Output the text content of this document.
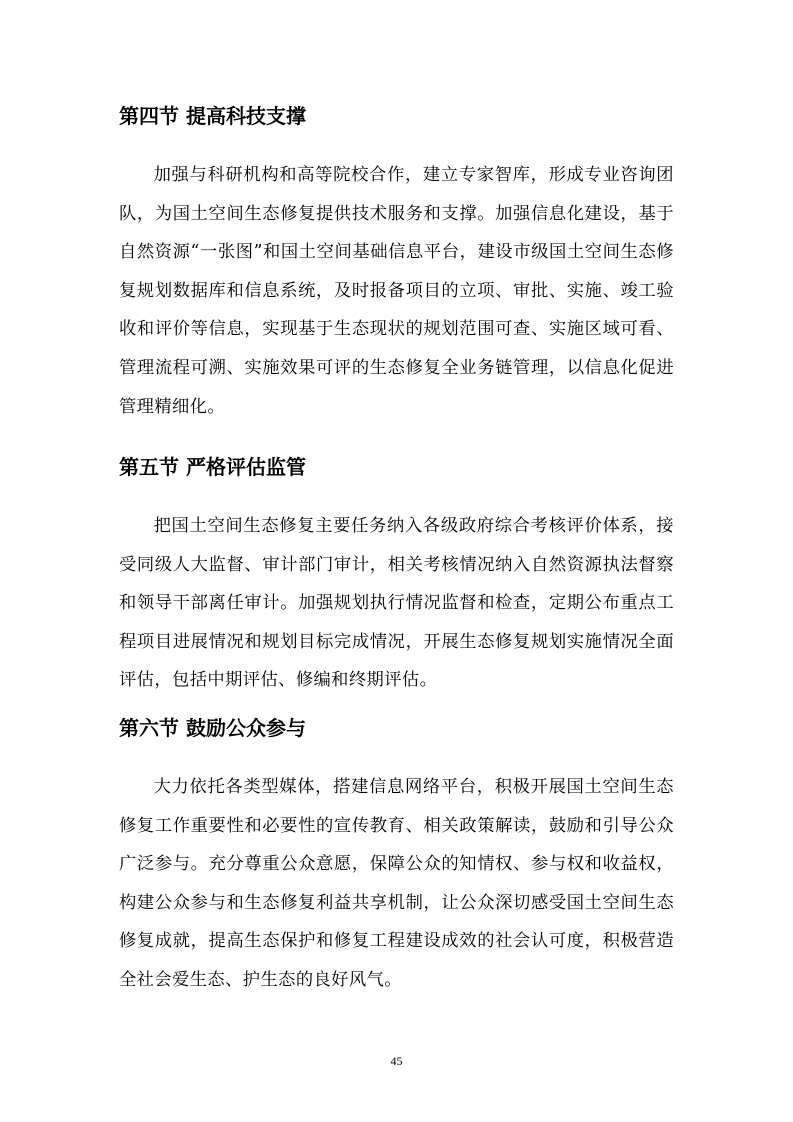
第四节 提高科技支撑

加强与科研机构和高等院校合作，建立专家智库，形成专业咨询团队，为国土空间生态修复提供技术服务和支撑。加强信息化建设，基于自然资源“一张图”和国土空间基础信息平台，建设市级国土空间生态修复规划数据库和信息系统，及时报备项目的立项、审批、实施、竣工验收和评价等信息，实现基于生态现状的规划范围可查、实施区域可看、管理流程可溯、实施效果可评的生态修复全业务链管理，以信息化促进管理精细化。

第五节 严格评估监管

把国土空间生态修复主要任务纳入各级政府综合考核评价体系，接受同级人大监督、审计部门审计，相关考核情况纳入自然资源执法督察和领导干部离任审计。加强规划执行情况监督和检查，定期公布重点工程项目进展情况和规划目标完成情况，开展生态修复规划实施情况全面评估，包括中期评估、修编和终期评估。

第六节 鼓励公众参与

大力依托各类型媒体，搭建信息网络平台，积极开展国土空间生态修复工作重要性和必要性的宣传教育、相关政策解读，鼓励和引导公众广泛参与。充分尊重公众意愿，保障公众的知情权、参与权和收益权，构建公众参与和生态修复利益共享机制，让公众深切感受国土空间生态修复成就，提高生态保护和修复工程建设成效的社会认可度，积极营造全社会爱生态、护生态的良好风气。

45
